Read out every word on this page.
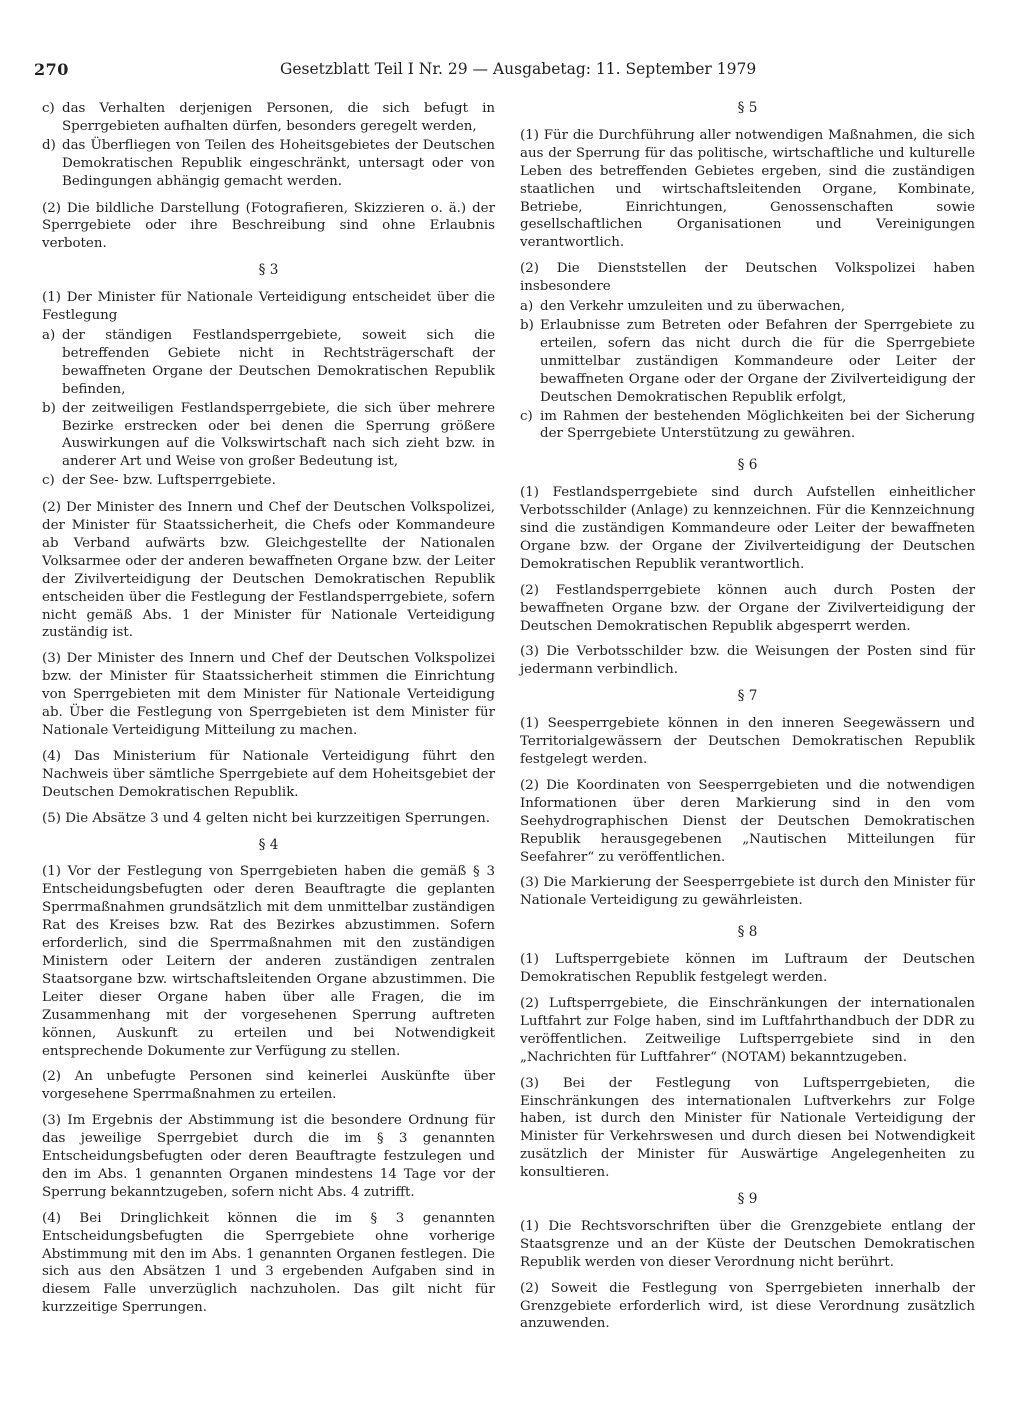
270	Gesetzblatt Teil I Nr. 29 — Ausgabetag: 11. September 1979
c) das Verhalten derjenigen Personen, die sich befugt in Sperrgebieten aufhalten dürfen, besonders geregelt werden,
d) das Überfliegen von Teilen des Hoheitsgebietes der Deutschen Demokratischen Republik eingeschränkt, untersagt oder von Bedingungen abhängig gemacht werden.

(2) Die bildliche Darstellung (Fotografieren, Skizzieren o. ä.) der Sperrgebiete oder ihre Beschreibung sind ohne Erlaubnis verboten.

§ 3

(1) Der Minister für Nationale Verteidigung entscheidet über die Festlegung

a) der ständigen Festlandsperrgebiete, soweit sich die betreffenden Gebiete nicht in Rechtsträgerschaft der bewaffneten Organe der Deutschen Demokratischen Republik befinden,
b) der zeitweiligen Festlandsperrgebiete, die sich über mehrere Bezirke erstrecken oder bei denen die Sperrung größere Auswirkungen auf die Volkswirtschaft nach sich zieht bzw. in anderer Art und Weise von großer Bedeutung ist,
c) der See- bzw. Luftsperrgebiete.

(2) Der Minister des Innern und Chef der Deutschen Volkspolizei, der Minister für Staatssicherheit, die Chefs oder Kommandeure ab Verband aufwärts bzw. Gleichgestellte der Nationalen Volksarmee oder der anderen bewaffneten Organe bzw. der Leiter der Zivilverteidigung der Deutschen Demokratischen Republik entscheiden über die Festlegung der Festlandsperrgebiete, sofern nicht gemäß Abs. 1 der Minister für Nationale Verteidigung zuständig ist.

(3) Der Minister des Innern und Chef der Deutschen Volkspolizei bzw. der Minister für Staatssicherheit stimmen die Einrichtung von Sperrgebieten mit dem Minister für Nationale Verteidigung ab. Über die Festlegung von Sperrgebieten ist dem Minister für Nationale Verteidigung Mitteilung zu machen.

(4) Das Ministerium für Nationale Verteidigung führt den Nachweis über sämtliche Sperrgebiete auf dem Hoheitsgebiet der Deutschen Demokratischen Republik.

(5) Die Absätze 3 und 4 gelten nicht bei kurzzeitigen Sperrungen.

§ 4

(1) Vor der Festlegung von Sperrgebieten haben die gemäß § 3 Entscheidungsbefugten oder deren Beauftragte die geplanten Sperrmaßnahmen grundsätzlich mit dem unmittelbar zuständigen Rat des Kreises bzw. Rat des Bezirkes abzustimmen. Sofern erforderlich, sind die Sperrmaßnahmen mit den zuständigen Ministern oder Leitern der anderen zuständigen zentralen Staatsorgane bzw. wirtschaftsleitenden Organe abzustimmen. Die Leiter dieser Organe haben über alle Fragen, die im Zusammenhang mit der vorgesehenen Sperrung auftreten können, Auskunft zu erteilen und bei Notwendigkeit entsprechende Dokumente zur Verfügung zu stellen.

(2) An unbefugte Personen sind keinerlei Auskünfte über vorgesehene Sperrmaßnahmen zu erteilen.

(3) Im Ergebnis der Abstimmung ist die besondere Ordnung für das jeweilige Sperrgebiet durch die im § 3 genannten Entscheidungsbefugten oder deren Beauftragte festzulegen und den im Abs. 1 genannten Organen mindestens 14 Tage vor der Sperrung bekanntzugeben, sofern nicht Abs. 4 zutrifft.

(4) Bei Dringlichkeit können die im § 3 genannten Entscheidungsbefugten die Sperrgebiete ohne vorherige Abstimmung mit den im Abs. 1 genannten Organen festlegen. Die sich aus den Absätzen 1 und 3 ergebenden Aufgaben sind in diesem Falle unverzüglich nachzuholen. Das gilt nicht für kurzzeitige Sperrungen.

§ 5

(1) Für die Durchführung aller notwendigen Maßnahmen, die sich aus der Sperrung für das politische, wirtschaftliche und kulturelle Leben des betreffenden Gebietes ergeben, sind die zuständigen staatlichen und wirtschaftsleitenden Organe, Kombinate, Betriebe, Einrichtungen, Genossenschaften sowie gesellschaftlichen Organisationen und Vereinigungen verantwortlich.

(2) Die Dienststellen der Deutschen Volkspolizei haben insbesondere

a) den Verkehr umzuleiten und zu überwachen,
b) Erlaubnisse zum Betreten oder Befahren der Sperrgebiete zu erteilen, sofern das nicht durch die für die Sperrgebiete unmittelbar zuständigen Kommandeure oder Leiter der bewaffneten Organe oder der Organe der Zivilverteidigung der Deutschen Demokratischen Republik erfolgt,
c) im Rahmen der bestehenden Möglichkeiten bei der Sicherung der Sperrgebiete Unterstützung zu gewähren.
§ 6

(1) Festlandsperrgebiete sind durch Aufstellen einheitlicher Verbotsschilder (Anlage) zu kennzeichnen. Für die Kennzeichnung sind die zuständigen Kommandeure oder Leiter der bewaffneten Organe bzw. der Organe der Zivilverteidigung der Deutschen Demokratischen Republik verantwortlich.

(2) Festlandsperrgebiete können auch durch Posten der bewaffneten Organe bzw. der Organe der Zivilverteidigung der Deutschen Demokratischen Republik abgesperrt werden.

(3) Die Verbotsschilder bzw. die Weisungen der Posten sind für jedermann verbindlich.

§ 7

(1) Seesperrgebiete können in den inneren Seegewässern und Territorialgewässern der Deutschen Demokratischen Republik festgelegt werden.

(2) Die Koordinaten von Seesperrgebieten und die notwendigen Informationen über deren Markierung sind in den vom Seehydrographischen Dienst der Deutschen Demokratischen Republik herausgegebenen „Nautischen Mitteilungen für Seefahrer“ zu veröffentlichen.

(3) Die Markierung der Seesperrgebiete ist durch den Minister für Nationale Verteidigung zu gewährleisten.

§ 8

(1) Luftsperrgebiete können im Luftraum der Deutschen Demokratischen Republik festgelegt werden.

(2) Luftsperrgebiete, die Einschränkungen der internationalen Luftfahrt zur Folge haben, sind im Luftfahrthandbuch der DDR zu veröffentlichen. Zeitweilige Luftsperrgebiete sind in den „Nachrichten für Luftfahrer“ (NOTAM) bekanntzugeben.

(3) Bei der Festlegung von Luftsperrgebieten, die Einschränkungen des internationalen Luftverkehrs zur Folge haben, ist durch den Minister für Nationale Verteidigung der Minister für Verkehrswesen und durch diesen bei Notwendigkeit zusätzlich der Minister für Auswärtige Angelegenheiten zu konsultieren.

§ 9

(1) Die Rechtsvorschriften über die Grenzgebiete entlang der Staatsgrenze und an der Küste der Deutschen Demokratischen Republik werden von dieser Verordnung nicht berührt.

(2) Soweit die Festlegung von Sperrgebieten innerhalb der Grenzgebiete erforderlich wird, ist diese Verordnung zusätzlich anzuwenden.
